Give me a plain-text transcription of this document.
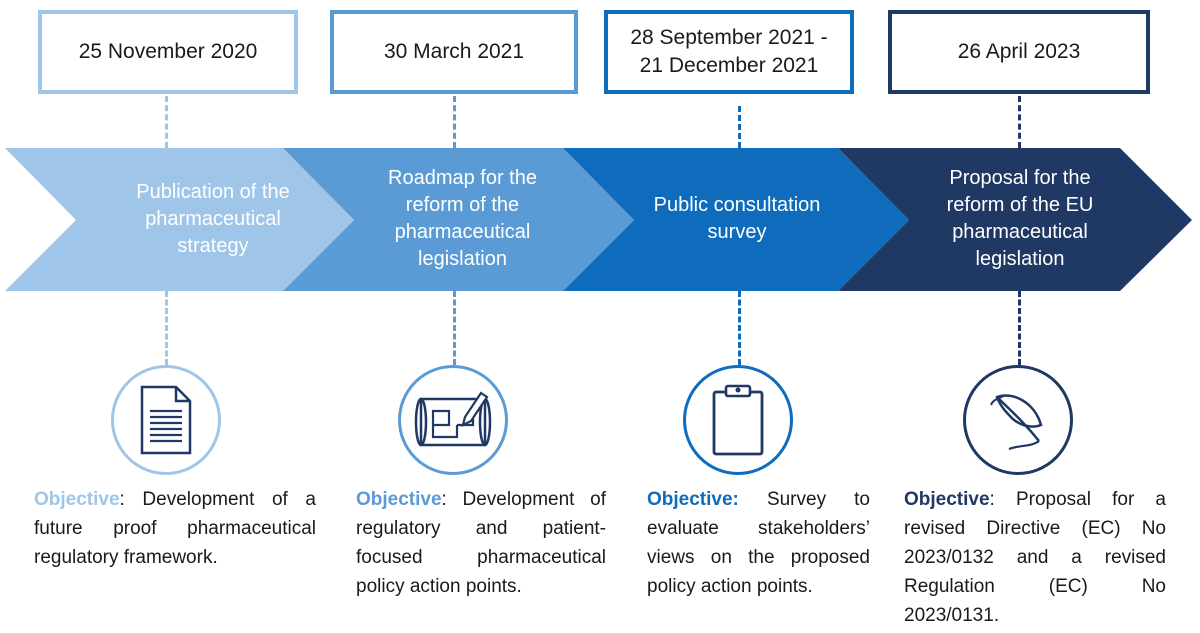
25 November 2020	30 March 2021
28 September 2021 -
21 December 2021
26 April 2023
Publication of the
pharmaceutical
strategy
Roadmap for the
reform of the
pharmaceutical
legislation
Public consultation
survey
Proposal for the
reform of the EU
pharmaceutical
legislation
Objective: Development of a future proof pharmaceutical regulatory framework.
Objective: Development of regulatory and patient-focused pharmaceutical policy action points.
Objective: Survey to evaluate stakeholders’ views on the proposed policy action points.
Objective: Proposal for a revised Directive (EC) No 2023/0132 and a revised Regulation (EC) No 2023/0131.
